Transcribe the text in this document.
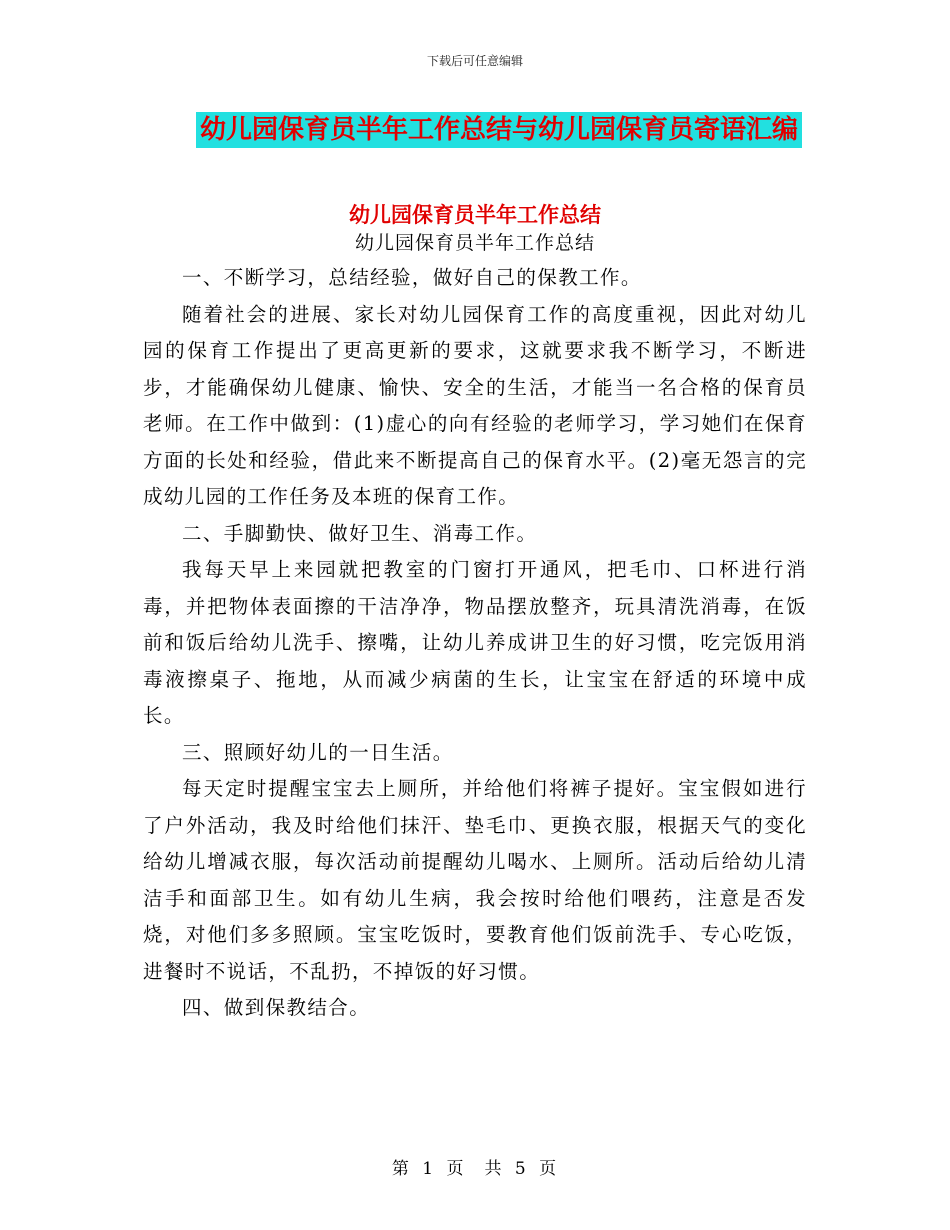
下载后可任意编辑
幼儿园保育员半年工作总结与幼儿园保育员寄语汇编
幼儿园保育员半年工作总结
幼儿园保育员半年工作总结

一、不断学习，总结经验，做好自己的保教工作。

随着社会的进展、家长对幼儿园保育工作的高度重视，因此对幼儿园的保育工作提出了更高更新的要求，这就要求我不断学习，不断进步，才能确保幼儿健康、愉快、安全的生活，才能当一名合格的保育员老师。在工作中做到：(1)虚心的向有经验的老师学习，学习她们在保育方面的长处和经验，借此来不断提高自己的保育水平。(2)毫无怨言的完成幼儿园的工作任务及本班的保育工作。

二、手脚勤快、做好卫生、消毒工作。

我每天早上来园就把教室的门窗打开通风，把毛巾、口杯进行消毒，并把物体表面擦的干洁净净，物品摆放整齐，玩具清洗消毒，在饭前和饭后给幼儿洗手、擦嘴，让幼儿养成讲卫生的好习惯，吃完饭用消毒液擦桌子、拖地，从而减少病菌的生长，让宝宝在舒适的环境中成长。

三、照顾好幼儿的一日生活。

每天定时提醒宝宝去上厕所，并给他们将裤子提好。宝宝假如进行了户外活动，我及时给他们抹汗、垫毛巾、更换衣服，根据天气的变化给幼儿增减衣服，每次活动前提醒幼儿喝水、上厕所。活动后给幼儿清洁手和面部卫生。如有幼儿生病，我会按时给他们喂药，注意是否发烧，对他们多多照顾。宝宝吃饭时，要教育他们饭前洗手、专心吃饭，进餐时不说话，不乱扔，不掉饭的好习惯。

四、做到保教结合。

第 1 页　共 5 页
